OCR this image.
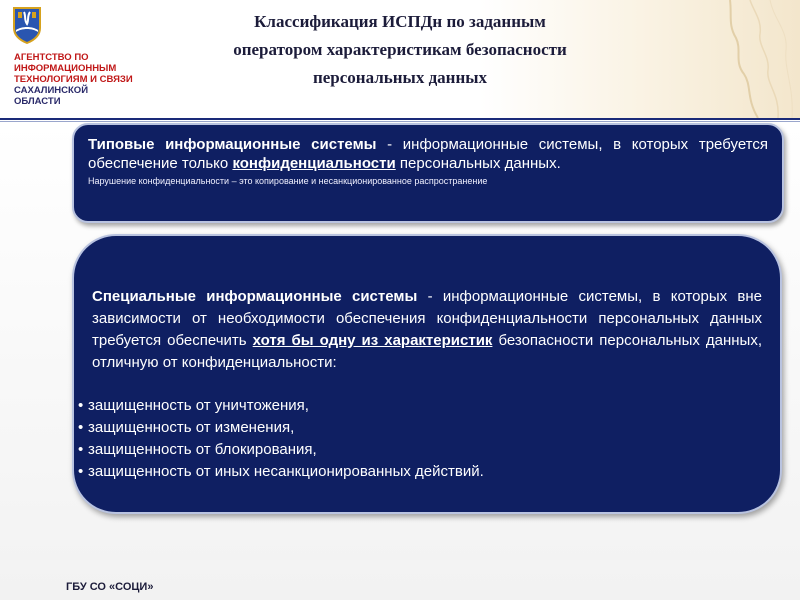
АГЕНТСТВО ПО
ИНФОРМАЦИОННЫМ
ТЕХНОЛОГИЯМ И СВЯЗИ
САХАЛИНСКОЙ
ОБЛАСТИ
Классификация ИСПДн по заданным
оператором характеристикам безопасности
персональных данных
Типовые информационные системы - информационные системы, в которых требуется обеспечение только конфиденциальности персональных данных.
Нарушение конфиденциальности – это копирование и несанкционированное распространение
Специальные информационные системы - информационные системы, в которых вне зависимости от необходимости обеспечения конфиденциальности персональных данных требуется обеспечить хотя бы одну из характеристик безопасности персональных данных, отличную от конфиденциальности:
• защищенность от уничтожения,
• защищенность от изменения,
• защищенность от блокирования,
• защищенность от иных несанкционированных действий.
ГБУ СО «СОЦИ»
